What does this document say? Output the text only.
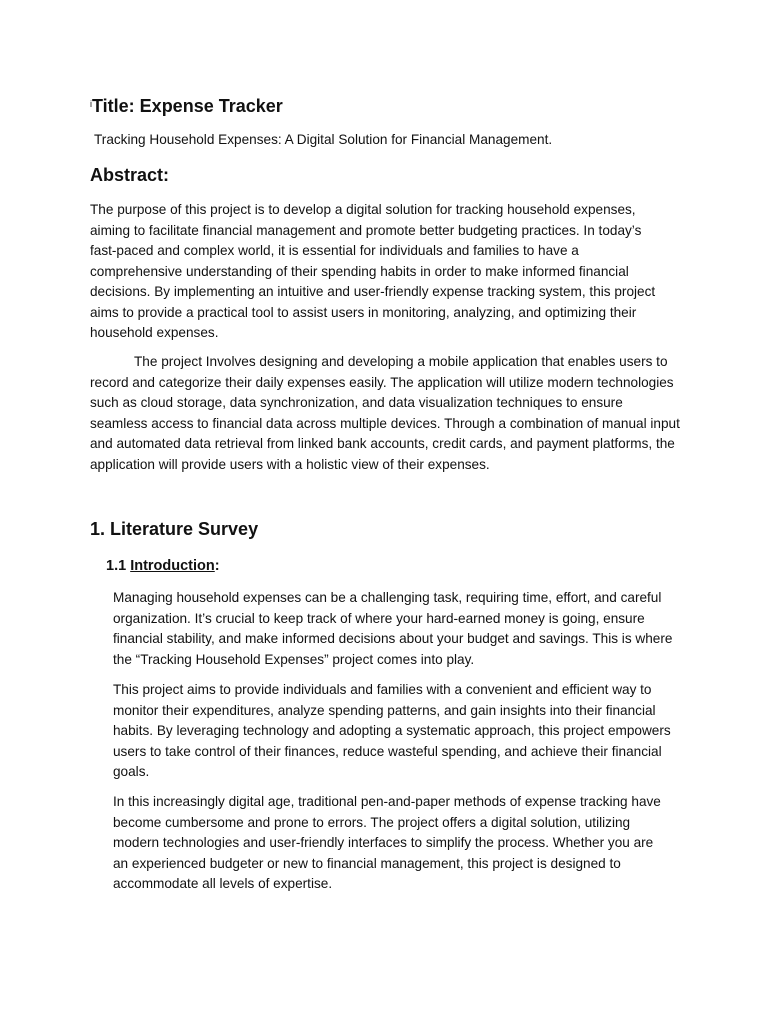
$^i$Title: Expense Tracker
Tracking Household Expenses: A Digital Solution for Financial Management.
Abstract:

The purpose of this project is to develop a digital solution for tracking household expenses, aiming to facilitate financial management and promote better budgeting practices. In today’s fast-paced and complex world, it is essential for individuals and families to have a comprehensive understanding of their spending habits in order to make informed financial decisions. By implementing an intuitive and user-friendly expense tracking system, this project aims to provide a practical tool to assist users in monitoring, analyzing, and optimizing their household expenses.

The project Involves designing and developing a mobile application that enables users to record and categorize their daily expenses easily. The application will utilize modern technologies such as cloud storage, data synchronization, and data visualization techniques to ensure seamless access to financial data across multiple devices. Through a combination of manual input and automated data retrieval from linked bank accounts, credit cards, and payment platforms, the application will provide users with a holistic view of their expenses.

1. Literature Survey
1.1 Introduction:

Managing household expenses can be a challenging task, requiring time, effort, and careful organization. It’s crucial to keep track of where your hard-earned money is going, ensure financial stability, and make informed decisions about your budget and savings. This is where the “Tracking Household Expenses” project comes into play.

This project aims to provide individuals and families with a convenient and efficient way to monitor their expenditures, analyze spending patterns, and gain insights into their financial habits. By leveraging technology and adopting a systematic approach, this project empowers users to take control of their finances, reduce wasteful spending, and achieve their financial goals.

In this increasingly digital age, traditional pen-and-paper methods of expense tracking have become cumbersome and prone to errors. The project offers a digital solution, utilizing modern technologies and user-friendly interfaces to simplify the process. Whether you are an experienced budgeter or new to financial management, this project is designed to accommodate all levels of expertise.
